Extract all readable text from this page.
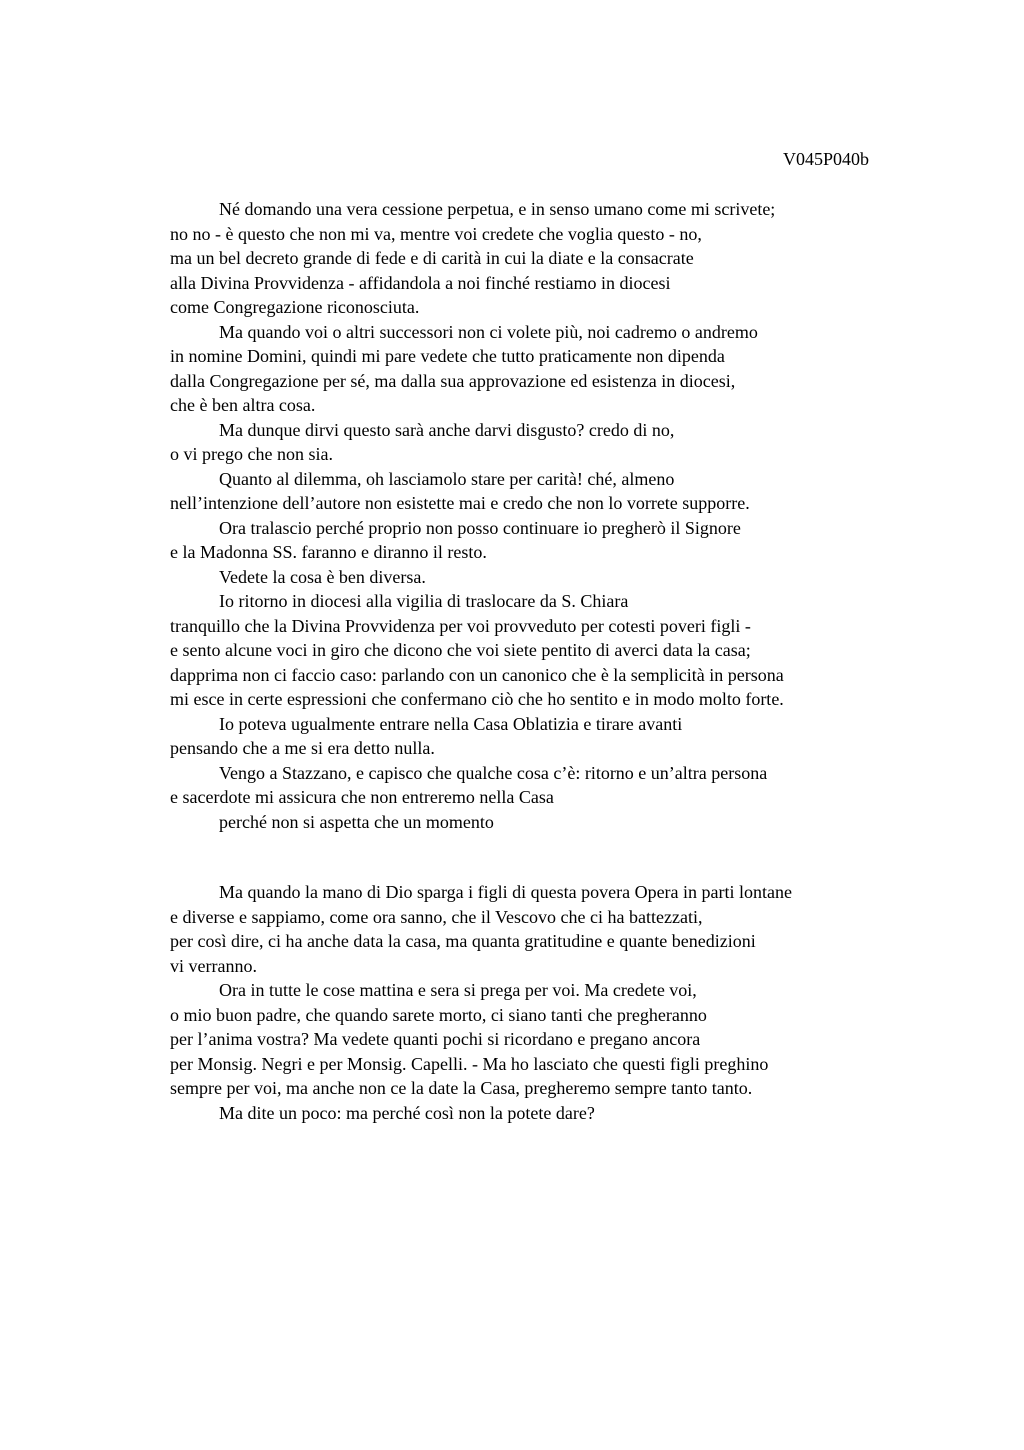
V045P040b
Né domando una vera cessione perpetua, e in senso umano come mi scrivete;
no no - è questo che non mi va, mentre voi credete che voglia questo - no,
ma un bel decreto grande di fede e di carità in cui la diate e la consacrate
alla Divina Provvidenza - affidandola a noi finché restiamo in diocesi
come Congregazione riconosciuta.
Ma quando voi o altri successori non ci volete più, noi cadremo o andremo
in nomine Domini, quindi mi pare vedete che tutto praticamente non dipenda
dalla Congregazione per sé, ma dalla sua approvazione ed esistenza in diocesi,
che è ben altra cosa.
Ma dunque dirvi questo sarà anche darvi disgusto? credo di no,
o vi prego che non sia.
Quanto al dilemma, oh lasciamolo stare per carità! ché, almeno
nell’intenzione dell’autore non esistette mai e credo che non lo vorrete supporre.
Ora tralascio perché proprio non posso continuare io pregherò il Signore
e la Madonna SS. faranno e diranno il resto.
Vedete la cosa è ben diversa.
Io ritorno in diocesi alla vigilia di traslocare da S. Chiara
tranquillo che la Divina Provvidenza per voi provveduto per cotesti poveri figli -
e sento alcune voci in giro che dicono che voi siete pentito di averci data la casa;
dapprima non ci faccio caso: parlando con un canonico che è la semplicità in persona
mi esce in certe espressioni che confermano ciò che ho sentito e in modo molto forte.
Io poteva ugualmente entrare nella Casa Oblatizia e tirare avanti
pensando che a me si era detto nulla.
Vengo a Stazzano, e capisco che qualche cosa c’è: ritorno e un’altra persona
e sacerdote mi assicura che non entreremo nella Casa
perché non si aspetta che un momento
Ma quando la mano di Dio sparga i figli di questa povera Opera in parti lontane
e diverse e sappiamo, come ora sanno, che il Vescovo che ci ha battezzati,
per così dire, ci ha anche data la casa, ma quanta gratitudine e quante benedizioni
vi verranno.
Ora in tutte le cose mattina e sera si prega per voi. Ma credete voi,
o mio buon padre, che quando sarete morto, ci siano tanti che pregheranno
per l’anima vostra? Ma vedete quanti pochi si ricordano e pregano ancora
per Monsig. Negri e per Monsig. Capelli. - Ma ho lasciato che questi figli preghino
sempre per voi, ma anche non ce la date la Casa, pregheremo sempre tanto tanto.
Ma dite un poco: ma perché così non la potete dare?
